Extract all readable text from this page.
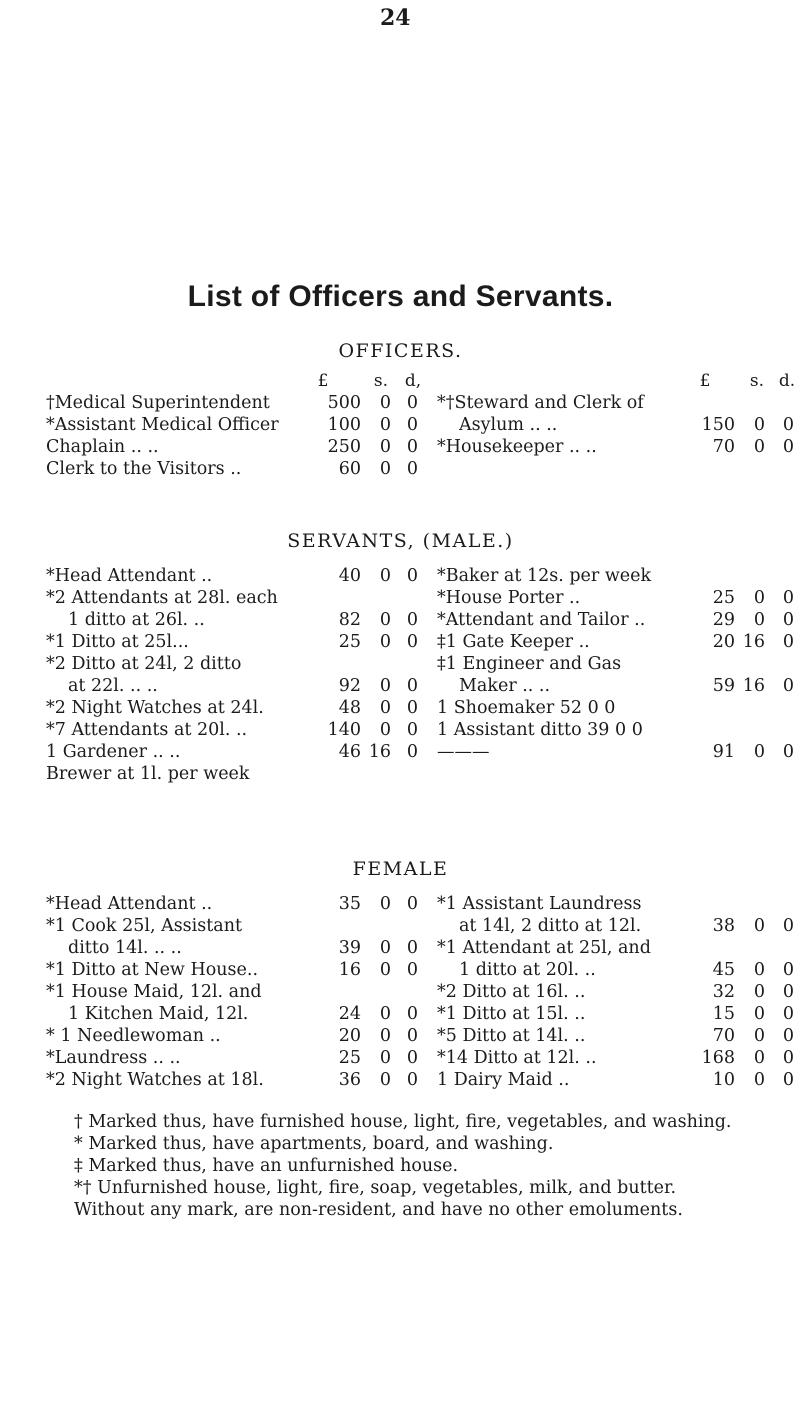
24
List of Officers and Servants.
OFFICERS.
£	s. d,	£	s. d.
†Medical Superintendent	500	0 0
*Assistant Medical Officer	100	0 0
Chaplain .. ..	250	0 0
Clerk to the Visitors ..	60	0 0
*†Steward and Clerk of
Asylum .. ..	150	0	0
*Housekeeper .. ..	70	0	0
SERVANTS, (MALE.)
*Head Attendant ..	40	0 0
*2 Attendants at 28l. each
1 ditto at 26l. ..	82	0 0
*1 Ditto at 25l...	25	0 0
*2 Ditto at 24l, 2 ditto
at 22l. .. ..	92	0 0
*2 Night Watches at 24l.	48	0 0
*7 Attendants at 20l. ..	140	0 0
1 Gardener .. ..	46 16 0
Brewer at 1l. per week
*Baker at 12s. per week
*House Porter ..	25	0	0
*Attendant and Tailor ..	29	0	0
‡1 Gate Keeper ..	20 16	0
‡1 Engineer and Gas
Maker .. ..	59 16	0
1 Shoemaker 52 0 0
1 Assistant ditto 39 0 0
———	91	0	0
FEMALE
*Head Attendant ..	35	0 0
*1 Cook 25l, Assistant
ditto 14l. .. ..	39	0 0
*1 Ditto at New House..	16	0 0
*1 House Maid, 12l. and
1 Kitchen Maid, 12l.	24	0 0
* 1 Needlewoman ..	20	0 0
*Laundress .. ..	25	0 0
*2 Night Watches at 18l.	36	0 0
*1 Assistant Laundress
at 14l, 2 ditto at 12l.	38	0	0
*1 Attendant at 25l, and
1 ditto at 20l. ..	45	0	0
*2 Ditto at 16l. ..	32	0	0
*1 Ditto at 15l. ..	15	0	0
*5 Ditto at 14l. ..	70	0	0
*14 Ditto at 12l. ..	168	0	0
1 Dairy Maid ..	10	0	0
† Marked thus, have furnished house, light, fire, vegetables, and washing.
* Marked thus, have apartments, board, and washing.
‡ Marked thus, have an unfurnished house.
*† Unfurnished house, light, fire, soap, vegetables, milk, and butter.
Without any mark, are non-resident, and have no other emoluments.
